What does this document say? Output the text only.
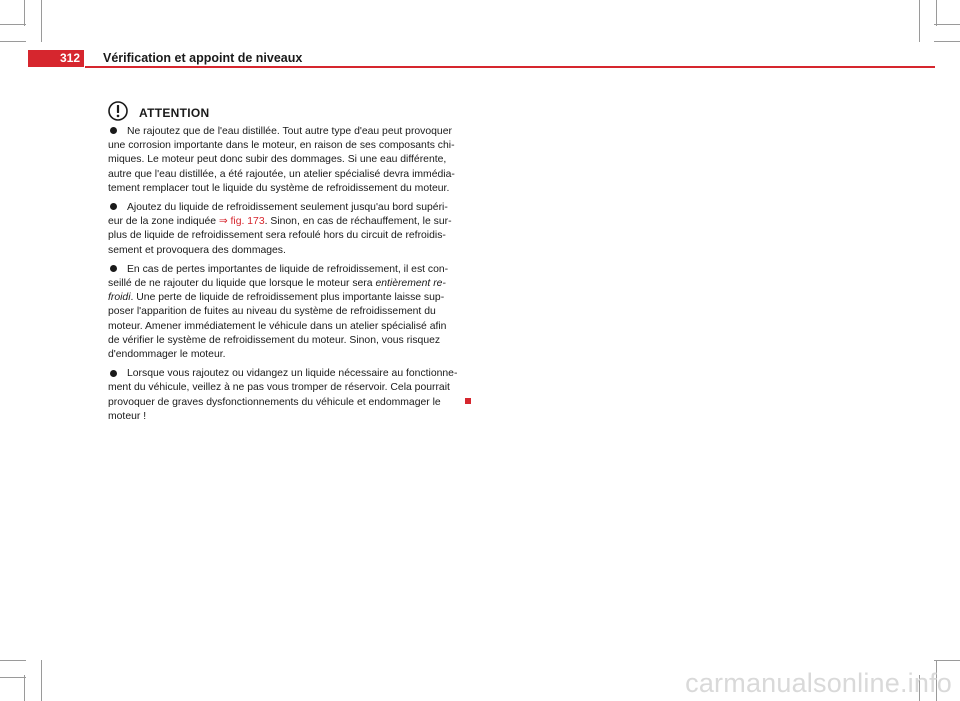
312 Vérification et appoint de niveaux
ATTENTION
Ne rajoutez que de l'eau distillée. Tout autre type d'eau peut provoquer
une corrosion importante dans le moteur, en raison de ses composants chi-
miques. Le moteur peut donc subir des dommages. Si une eau différente,
autre que l'eau distillée, a été rajoutée, un atelier spécialisé devra immédia-
tement remplacer tout le liquide du système de refroidissement du moteur.
Ajoutez du liquide de refroidissement seulement jusqu'au bord supéri-
eur de la zone indiquée ⇒ fig. 173. Sinon, en cas de réchauffement, le sur-
plus de liquide de refroidissement sera refoulé hors du circuit de refroidis-
sement et provoquera des dommages.
En cas de pertes importantes de liquide de refroidissement, il est con-
seillé de ne rajouter du liquide que lorsque le moteur sera entièrement re-
froidi. Une perte de liquide de refroidissement plus importante laisse sup-
poser l'apparition de fuites au niveau du système de refroidissement du
moteur. Amener immédiatement le véhicule dans un atelier spécialisé afin
de vérifier le système de refroidissement du moteur. Sinon, vous risquez
d'endommager le moteur.
Lorsque vous rajoutez ou vidangez un liquide nécessaire au fonctionne-
ment du véhicule, veillez à ne pas vous tromper de réservoir. Cela pourrait
provoquer de graves dysfonctionnements du véhicule et endommager le
moteur !
carmanualsonline.info
